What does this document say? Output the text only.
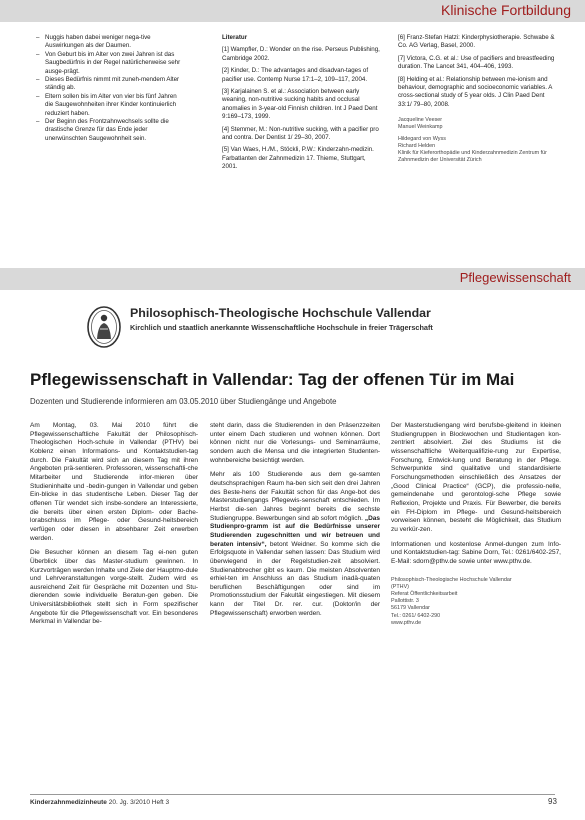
Klinische Fortbildung
– Nuggis haben dabei weniger nega-tive Auswirkungen als der Daumen.
– Von Geburt bis im Alter von zwei Jahren ist das Saugbedürfnis in der Regel natürlicherweise sehr ausge-prägt.
– Dieses Bedürfnis nimmt mit zuneh-mendem Alter ständig ab.
– Eltern sollen bis im Alter von vier bis fünf Jahren die Saugewohnheiten ihrer Kinder kontinuierlich reduziert haben.
– Der Beginn des Frontzahnwechsels sollte die drastische Grenze für das Ende jeder unerwünschten Saugewohnheit sein.
Literatur
[1] Wampfler, D.: Wonder on the rise. Perseus Publishing, Cambridge 2002.
[2] Kinder, D.: The advantages and disadvan-tages of pacifier use. Contemp Nurse 17:1–2, 109–117, 2004.
[3] Karjalainen S. et al.: Association between early weaning, non-nutritive sucking habits and occlusal anomalies in 3-year-old Finnish children. Int J Paed Dent 9:169–173, 1999.
[4] Stemmer, M.: Non-nutritive sucking, with a pacifier pro and contra. Der Dentist 1/ 29–30, 2007.
[5] Van Waes, H./M., Stöckli, P.W.: Kinderzahn-medizin. Farbatlanten der Zahnmedizin 17. Thieme, Stuttgart, 2001.
[6] Franz-Stefan Hatzi: Kinderphysiotherapie. Schwabe & Co. AG Verlag, Basel, 2000.
[7] Victora, C.G. et al.: Use of pacifiers and breastfeeding duration. The Lancet 341, 404–406, 1993.
[8] Helding et al.: Relationship between me-ionism and behaviour, demographic and socioeconomic variables. A cross-sectional study of 5 year olds. J Clin Paed Dent 33:1/ 79–80, 2008.
Jacqueline Veeser
Manuel Weinkamp
Hildegard von Wyss
Richard Helden
Klinik für Kieferorthopädie und Kinderzahnmedizin Zentrum für Zahnmedizin der Universität Zürich
Pflegewissenschaft
Philosophisch-Theologische Hochschule Vallendar
Kirchlich und staatlich anerkannte Wissenschaftliche Hochschule in freier Trägerschaft
Pflegewissenschaft in Vallendar: Tag der offenen Tür im Mai
Dozenten und Studierende informieren am 03.05.2010 über Studiengänge und Angebote

Am Montag, 03. Mai 2010 führt die Pflegewissenschaftliche Fakultät der Philosophisch-Theologischen Hoch-schule in Vallendar (PTHV) bei Koblenz einen Informations- und Kontaktstudien-tag durch. Die Fakultät wird sich an diesem Tag mit ihren Angeboten prä-sentieren. Professoren, wissenschaftli-che Mitarbeiter und Studierende infor-mieren über Studieninhalte und -bedin-gungen in Vallendar und geben Ein-blicke in das studentische Leben. Dieser Tag der offenen Tür wendet sich insbe-sondere an Interessierte, die bereits über einen ersten Diplom- oder Bache-lorabschluss im Pflege- oder Gesund-heitsbereich verfügen oder diesen in absehbarer Zeit erwerben werden.

Die Besucher können an diesem Tag ei-nen guten Überblick über das Master-studium gewinnen. In Kurzvorträgen werden Inhalte und Ziele der Hauptmo-dule und Lehrveranstaltungen vorge-stellt. Zudem wird es ausreichend Zeit für Gespräche mit Dozenten und Stu-dierenden sowie individuelle Beratun-gen geben. Die Universitätsbibliothek stellt sich in Form spezifischer Angebote für die Pflegewissenschaft vor. Ein besonderes Merkmal in Vallendar be-

steht darin, dass die Studierenden in den Präsenzzeiten unter einem Dach studieren und wohnen können. Dort können nicht nur die Vorlesungs- und Seminarräume, sondern auch die Mensa und die integrierten Studenten-wohnbereiche besichtigt werden.

Mehr als 100 Studierende aus dem ge-samten deutschsprachigen Raum ha-ben sich seit den drei Jahren des Beste-hens der Fakultät schon für das Ange-bot des Masterstudiengangs Pflegewis-senschaft entschieden. Im Herbst die-sen Jahres beginnt bereits die sechste Studiengruppe. Bewerbungen sind ab sofort möglich. „Das Studienpro-gramm ist auf die Bedürfnisse unserer Studierenden zugeschnitten und wir betreuen und beraten intensiv“, betont Weidner. So komme sich die Erfolgsquote in Vallendar sehen lassen: Das Studium wird überwiegend in der Regelstudien-zeit absolviert. Studienabbrecher gibt es kaum. Die meisten Absolventen erhiel-ten im Anschluss an das Studium inadä-quaten beruflichen Beschäftigungen oder sind im Promotionsstudium der Fakultät eingestiegen. Mit diesem kann der Titel Dr. rer. cur. (Doktor/in der Pflegewissenschaft) erworben werden.

Der Masterstudiengang wird berufsbe-gleitend in kleinen Studiengruppen in Blockwochen und Studientagen kon-zentriert absolviert. Ziel des Studiums ist die wissenschaftliche Weiterqualifizie-rung zur Expertise, Forschung, Entwick-lung und Beratung in der Pflege. Schwerpunkte sind qualitative und standardisierte Forschungsmethoden einschließlich des Ansatzes der „Good Clinical Practice“ (GCP), die professio-nelle, gemeindenahe und gerontologi-sche Pflege sowie Reflexion, Projekte und Praxis. Für Bewerber, die bereits ein FH-Diplom im Pflege- und Gesund-heitsbereich vorweisen können, besteht die Möglichkeit, das Studium zu verkür-zen.

Informationen und kostenlose Anmel-dungen zum Info- und Kontaktstudien-tag: Sabine Dorn, Tel.: 0261/6402-257, E-Mail: sdorn@pthv.de sowie unter www.pthv.de.

Philosophisch-Theologische Hochschule Vallendar
(PTHV)
Referat Öffentlichkeitsarbeit
Pallottistr. 3
56179 Vallendar
Tel.: 0261/ 6402-290
www.pthv.de
Kinderzahnmedizinheute 20. Jg. 3/2010 Heft 3	93
